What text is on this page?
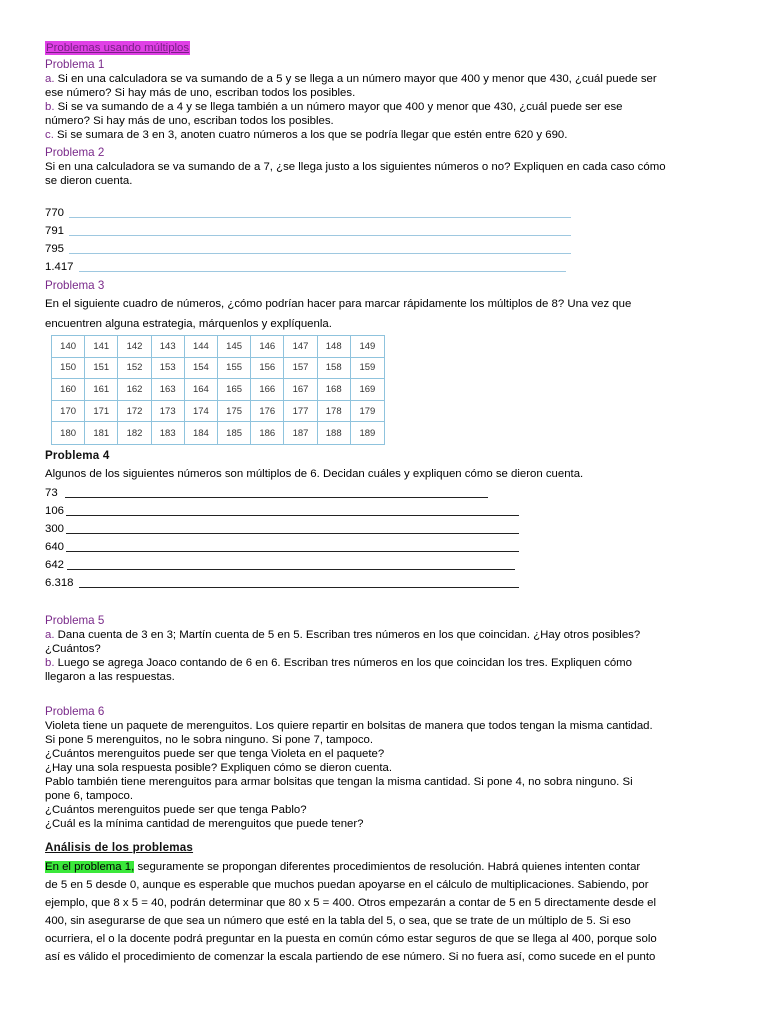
Problemas usando múltiplos
Problema 1
a. Si en una calculadora se va sumando de a 5 y se llega a un número mayor que 400 y menor que 430, ¿cuál puede ser
ese número? Si hay más de uno, escriban todos los posibles.
b. Si se va sumando de a 4 y se llega también a un número mayor que 400 y menor que 430, ¿cuál puede ser ese
número? Si hay más de uno, escriban todos los posibles.
c. Si se sumara de 3 en 3, anoten cuatro números a los que se podría llegar que estén entre 620 y 690.
Problema 2
Si en una calculadora se va sumando de a 7, ¿se llega justo a los siguientes números o no? Expliquen en cada caso cómo
se dieron cuenta.
770
791
795
1.417
Problema 3
En el siguiente cuadro de números, ¿cómo podrían hacer para marcar rápidamente los múltiplos de 8? Una vez que
encuentren alguna estrategia, márquenlos y explíquenla.
140	141	142	143	144	145	146	147	148	149
150	151	152	153	154	155	156	157	158	159
160	161	162	163	164	165	166	167	168	169
170	171	172	173	174	175	176	177	178	179
180	181	182	183	184	185	186	187	188	189
Problema 4
Algunos de los siguientes números son múltiplos de 6. Decidan cuáles y expliquen cómo se dieron cuenta.
73
106
300
640
642
6.318
Problema 5
a. Dana cuenta de 3 en 3; Martín cuenta de 5 en 5. Escriban tres números en los que coincidan. ¿Hay otros posibles?
¿Cuántos?
b. Luego se agrega Joaco contando de 6 en 6. Escriban tres números en los que coincidan los tres. Expliquen cómo
llegaron a las respuestas.
Problema 6
Violeta tiene un paquete de merenguitos. Los quiere repartir en bolsitas de manera que todos tengan la misma cantidad.
Si pone 5 merenguitos, no le sobra ninguno. Si pone 7, tampoco.
¿Cuántos merenguitos puede ser que tenga Violeta en el paquete?
¿Hay una sola respuesta posible? Expliquen cómo se dieron cuenta.
Pablo también tiene merenguitos para armar bolsitas que tengan la misma cantidad. Si pone 4, no sobra ninguno. Si
pone 6, tampoco.
¿Cuántos merenguitos puede ser que tenga Pablo?
¿Cuál es la mínima cantidad de merenguitos que puede tener?
Análisis de los problemas
En el problema 1, seguramente se propongan diferentes procedimientos de resolución. Habrá quienes intenten contar
de 5 en 5 desde 0, aunque es esperable que muchos puedan apoyarse en el cálculo de multiplicaciones. Sabiendo, por
ejemplo, que 8 x 5 = 40, podrán determinar que 80 x 5 = 400. Otros empezarán a contar de 5 en 5 directamente desde el
400, sin asegurarse de que sea un número que esté en la tabla del 5, o sea, que se trate de un múltiplo de 5. Si eso
ocurriera, el o la docente podrá preguntar en la puesta en común cómo estar seguros de que se llega al 400, porque solo
así es válido el procedimiento de comenzar la escala partiendo de ese número. Si no fuera así, como sucede en el punto
